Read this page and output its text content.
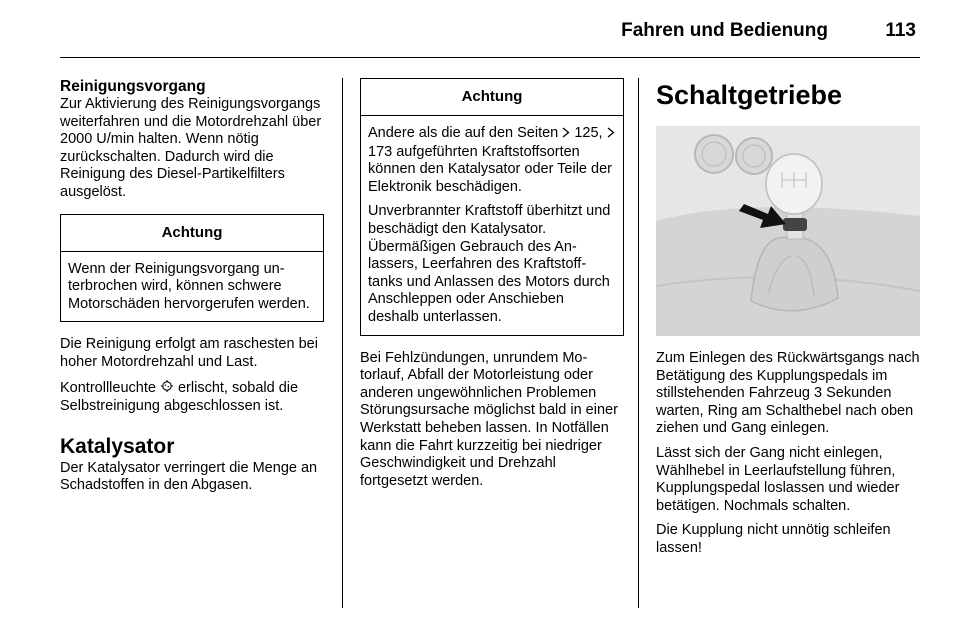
Fahren und Bedienung	113
Reinigungsvorgang

Zur Aktivierung des Reinigungsvorgangs weiterfahren und die Motordrehzahl über 2000 U/min halten. Wenn nötig zurückschalten. Dadurch wird die Reinigung des Diesel-Partikelfilters ausgelöst.

Achtung

Wenn der Reinigungsvorgang unterbrochen wird, können schwere Motorschäden hervorgerufen werden.

Die Reinigung erfolgt am raschesten bei hoher Motordrehzahl und Last.

Kontrollleuchte erlischt, sobald die Selbstreinigung abgeschlossen ist.

Katalysator

Der Katalysator verringert die Menge an Schadstoffen in den Abgasen.

Achtung

Andere als die auf den Seiten 125,  173 aufgeführten Kraftstoffsorten können den Katalysator oder Teile der Elektronik beschädigen.

Unverbrannter Kraftstoff überhitzt und beschädigt den Katalysator. Übermäßigen Gebrauch des Anlassers, Leerfahren des Kraftstofftanks und Anlassen des Motors durch Anschleppen oder Anschieben deshalb unterlassen.

Bei Fehlzündungen, unrundem Motorlauf, Abfall der Motorleistung oder anderen ungewöhnlichen Problemen Störungsursache möglichst bald in einer Werkstatt beheben lassen. In Notfällen kann die Fahrt kurzzeitig bei niedriger Geschwindigkeit und Drehzahl fortgesetzt werden.

Schaltgetriebe

Zum Einlegen des Rückwärtsgangs nach Betätigung des Kupplungspedals im stillstehenden Fahrzeug 3 Sekunden warten, Ring am Schalthebel nach oben ziehen und Gang einlegen.

Lässt sich der Gang nicht einlegen, Wählhebel in Leerlaufstellung führen, Kupplungspedal loslassen und wieder betätigen. Nochmals schalten.

Die Kupplung nicht unnötig schleifen lassen!
